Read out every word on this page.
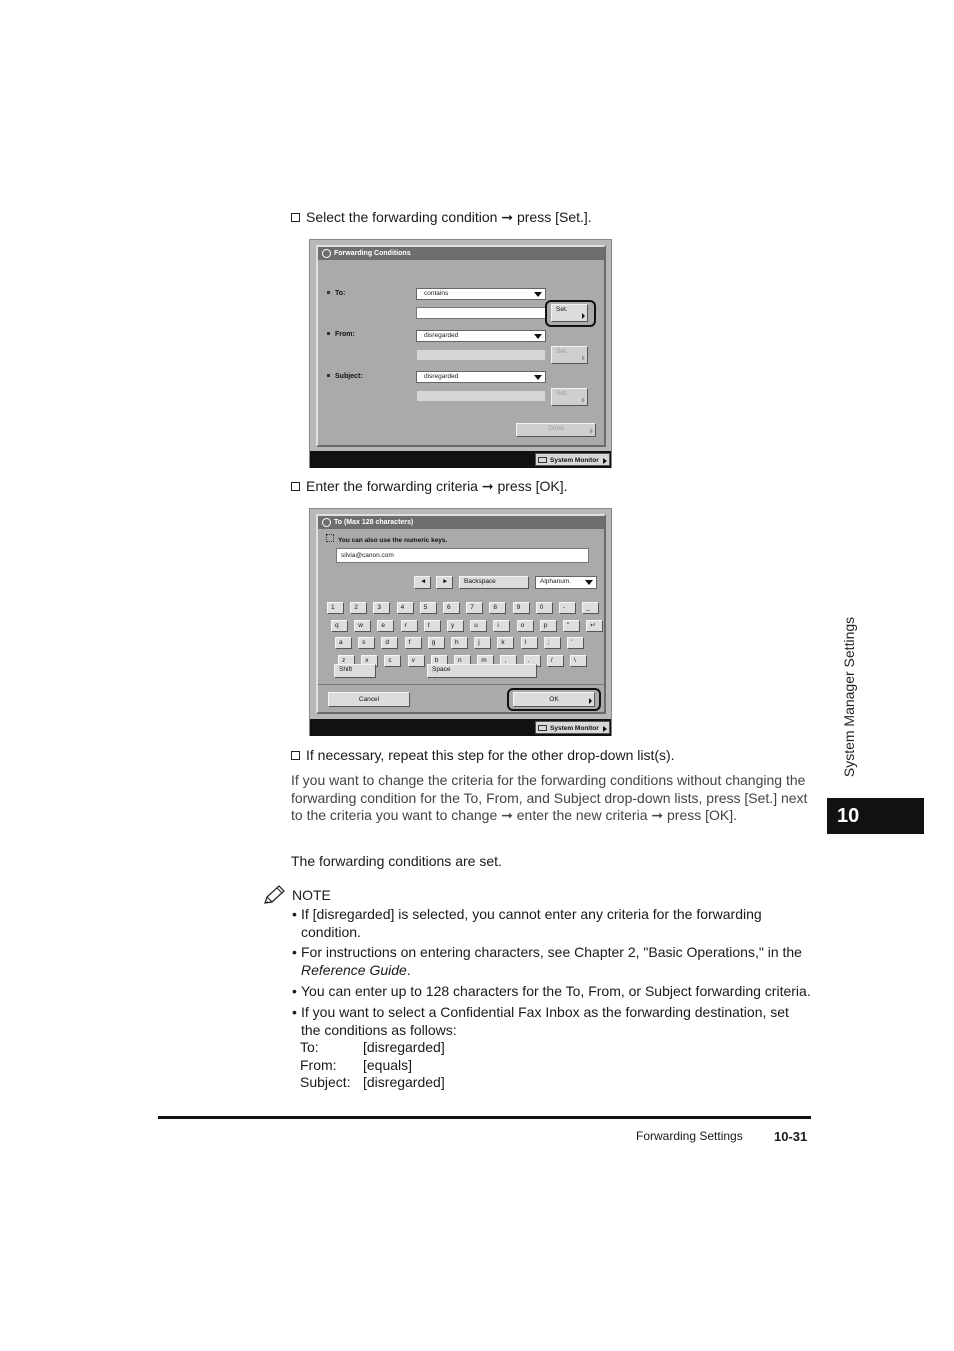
Select the forwarding condition ➞ press [Set.].
Forwarding Conditions
To:	contains
Set.
From:	disregarded
Set.
Subject:	disregarded
Set.
Done
System Monitor
Enter the forwarding criteria ➞ press [OK].
To (Max 128 characters)
You can also use the numeric keys.
silvia@canon.com
◄	►	Backspace	Alphanum.
1	2	3	4	5	6	7	8	9	0	-	_
q	w	e	r	t	y	u	i	o	p	"	↵
a	s	d	f	g	h	j	k	l	;	'
z	x	c	v	b	n	m	,	.	/	\
Shift	Space
Cancel	OK
System Monitor
If necessary, repeat this step for the other drop-down list(s).
If you want to change the criteria for the forwarding conditions without changing the forwarding condition for the To, From, and Subject drop-down lists, press [Set.] next to the criteria you want to change ➞ enter the new criteria ➞ press [OK].
The forwarding conditions are set.
NOTE
• If [disregarded] is selected, you cannot enter any criteria for the forwarding condition.
• For instructions on entering characters, see Chapter 2, "Basic Operations," in the Reference Guide.
• You can enter up to 128 characters for the To, From, or Subject forwarding criteria.
• If you want to select a Confidential Fax Inbox as the forwarding destination, set the conditions as follows:
To:	[disregarded]
From: [equals]
Subject: [disregarded]
System Manager Settings
10
Forwarding Settings 10-31
